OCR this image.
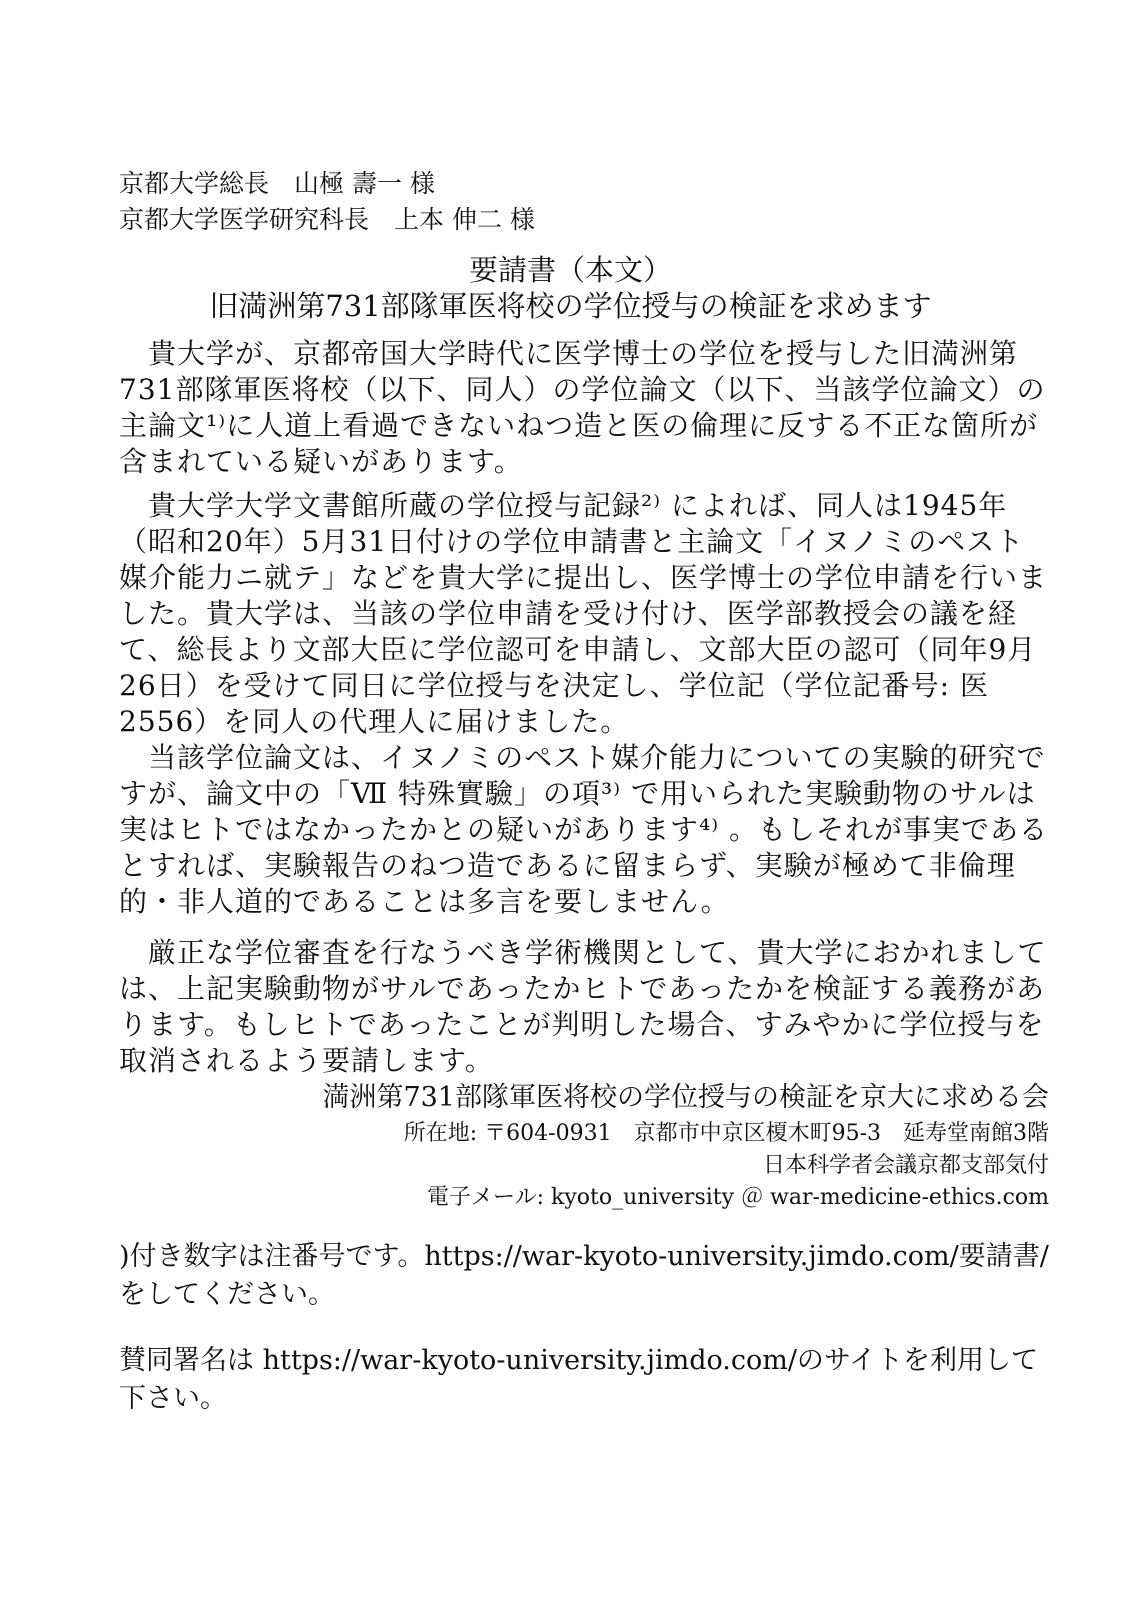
京都大学総長　山極 壽一 様
京都大学医学研究科長　上本 伸二 様
要請書（本文）
旧満洲第731部隊軍医将校の学位授与の検証を求めます

　貴大学が、京都帝国大学時代に医学博士の学位を授与した旧満洲第731部隊軍医将校（以下、同人）の学位論文（以下、当該学位論文）の主論文¹⁾に人道上看過できないねつ造と医の倫理に反する不正な箇所が含まれている疑いがあります。

　貴大学大学文書館所蔵の学位授与記録²⁾ によれば、同人は1945年（昭和20年）5月31日付けの学位申請書と主論文「イヌノミのペスト媒介能力ニ就テ」などを貴大学に提出し、医学博士の学位申請を行いました。貴大学は、当該の学位申請を受け付け、医学部教授会の議を経て、総長より文部大臣に学位認可を申請し、文部大臣の認可（同年9月26日）を受けて同日に学位授与を決定し、学位記（学位記番号: 医 2556）を同人の代理人に届けました。

　当該学位論文は、イヌノミのペスト媒介能力についての実験的研究ですが、論文中の「Ⅶ 特殊實驗」の項³⁾ で用いられた実験動物のサルは実はヒトではなかったかとの疑いがあります⁴⁾ 。もしそれが事実であるとすれば、実験報告のねつ造であるに留まらず、実験が極めて非倫理的・非人道的であることは多言を要しません。

　厳正な学位審査を行なうべき学術機関として、貴大学におかれましては、上記実験動物がサルであったかヒトであったかを検証する義務があります。もしヒトであったことが判明した場合、すみやかに学位授与を取消されるよう要請します。

満洲第731部隊軍医将校の学位授与の検証を京大に求める会
所在地: 〒604-0931　京都市中京区榎木町95-3　延寿堂南館3階
日本科学者会議京都支部気付
電子メール: kyoto_university ＠ war-medicine-ethics.com
)付き数字は注番号です。https://war-kyoto-university.jimdo.com/要請書/ をしてください。
賛同署名は https://war-kyoto-university.jimdo.com/のサイトを利用して下さい。
